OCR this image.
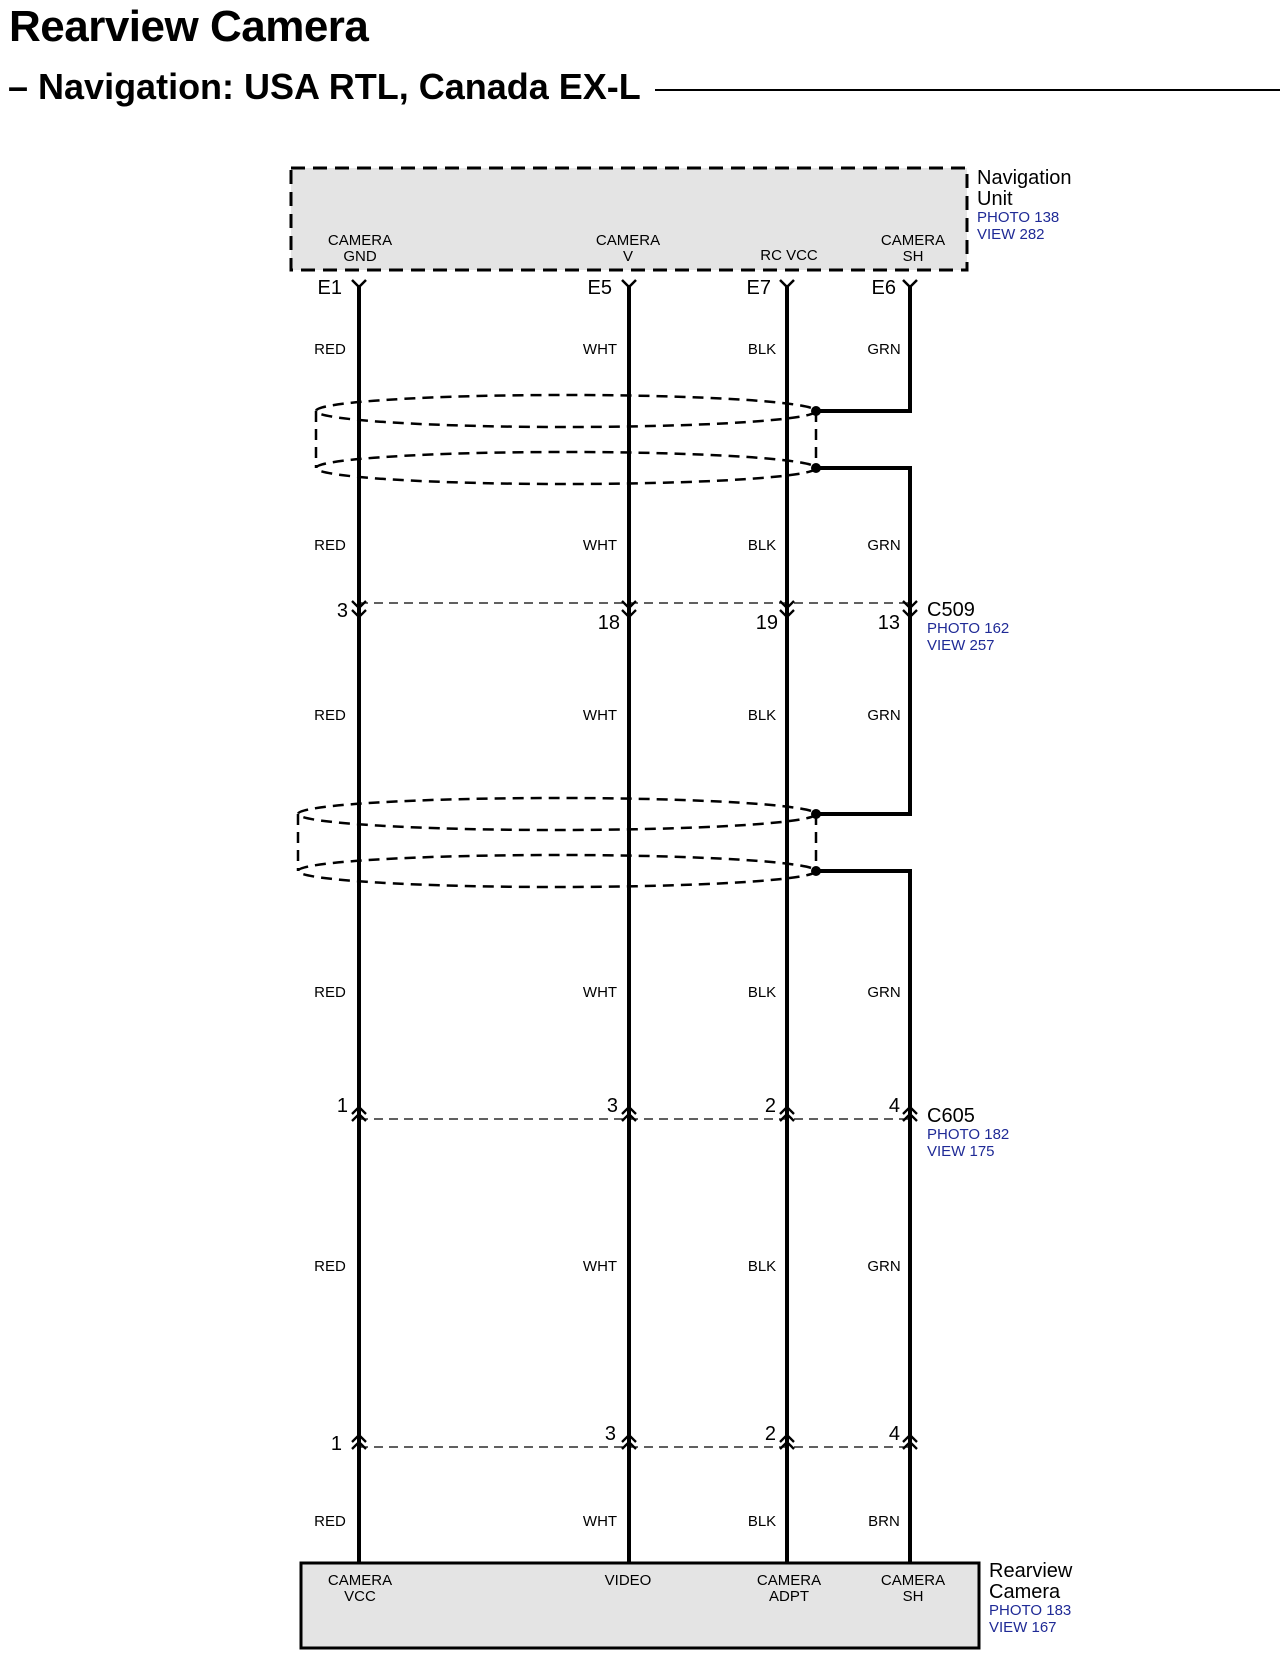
Rearview Camera
– Navigation: USA RTL, Canada EX-L
CAMERA
GND
CAMERA
V	RC VCC
CAMERA
SH
Navigation
Unit
PHOTO 138
VIEW 282
E1	E5	E7	E6
RED	WHT	BLK	GRN
RED	WHT	BLK	GRN
RED	WHT	BLK	GRN
RED	WHT	BLK	GRN
RED	WHT	BLK	GRN
RED	WHT	BLK	BRN
3
18	19	13
C509
PHOTO 162
VIEW 257
1	3	2	4 C605
PHOTO 182
VIEW 175
1	3	2	4
CAMERA
VCC
VIDEO	CAMERA
ADPT
CAMERA
SH
Rearview
Camera
PHOTO 183
VIEW 167
